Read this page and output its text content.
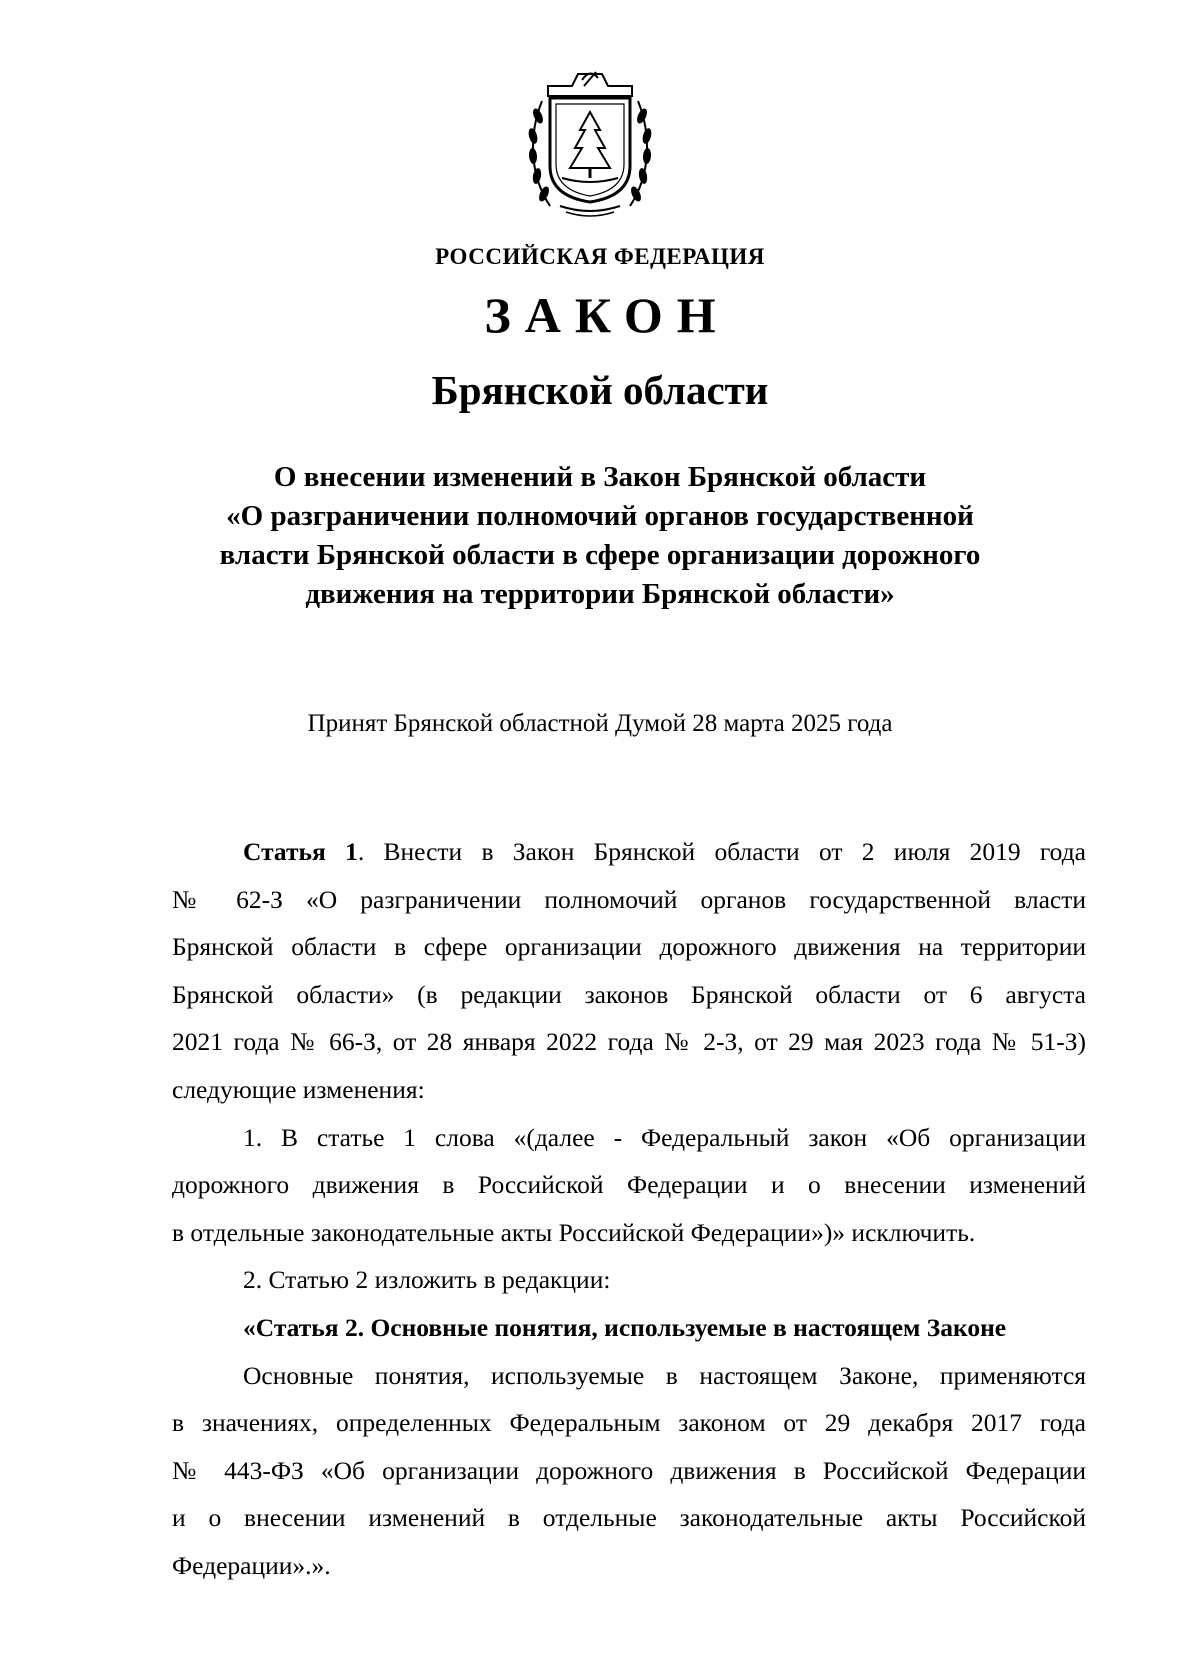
РОССИЙСКАЯ ФЕДЕРАЦИЯ
ЗАКОН
Брянской области
О внесении изменений в Закон Брянской области
«О разграничении полномочий органов государственной
власти Брянской области в сфере организации дорожного
движения на территории Брянской области»
Принят Брянской областной Думой 28 марта 2025 года
Статья 1. Внести в Закон Брянской области от 2 июля 2019 года
№ 62-З «О разграничении полномочий органов государственной власти
Брянской области в сфере организации дорожного движения на территории
Брянской области» (в редакции законов Брянской области от 6 августа
2021 года № 66-З, от 28 января 2022 года № 2-З, от 29 мая 2023 года № 51-З)
следующие изменения:
1. В статье 1 слова «(далее - Федеральный закон «Об организации
дорожного движения в Российской Федерации и о внесении изменений
в отдельные законодательные акты Российской Федерации»)» исключить.
2. Статью 2 изложить в редакции:
«Статья 2. Основные понятия, используемые в настоящем Законе
Основные понятия, используемые в настоящем Законе, применяются
в значениях, определенных Федеральным законом от 29 декабря 2017 года
№ 443-ФЗ «Об организации дорожного движения в Российской Федерации
и о внесении изменений в отдельные законодательные акты Российской
Федерации».».
